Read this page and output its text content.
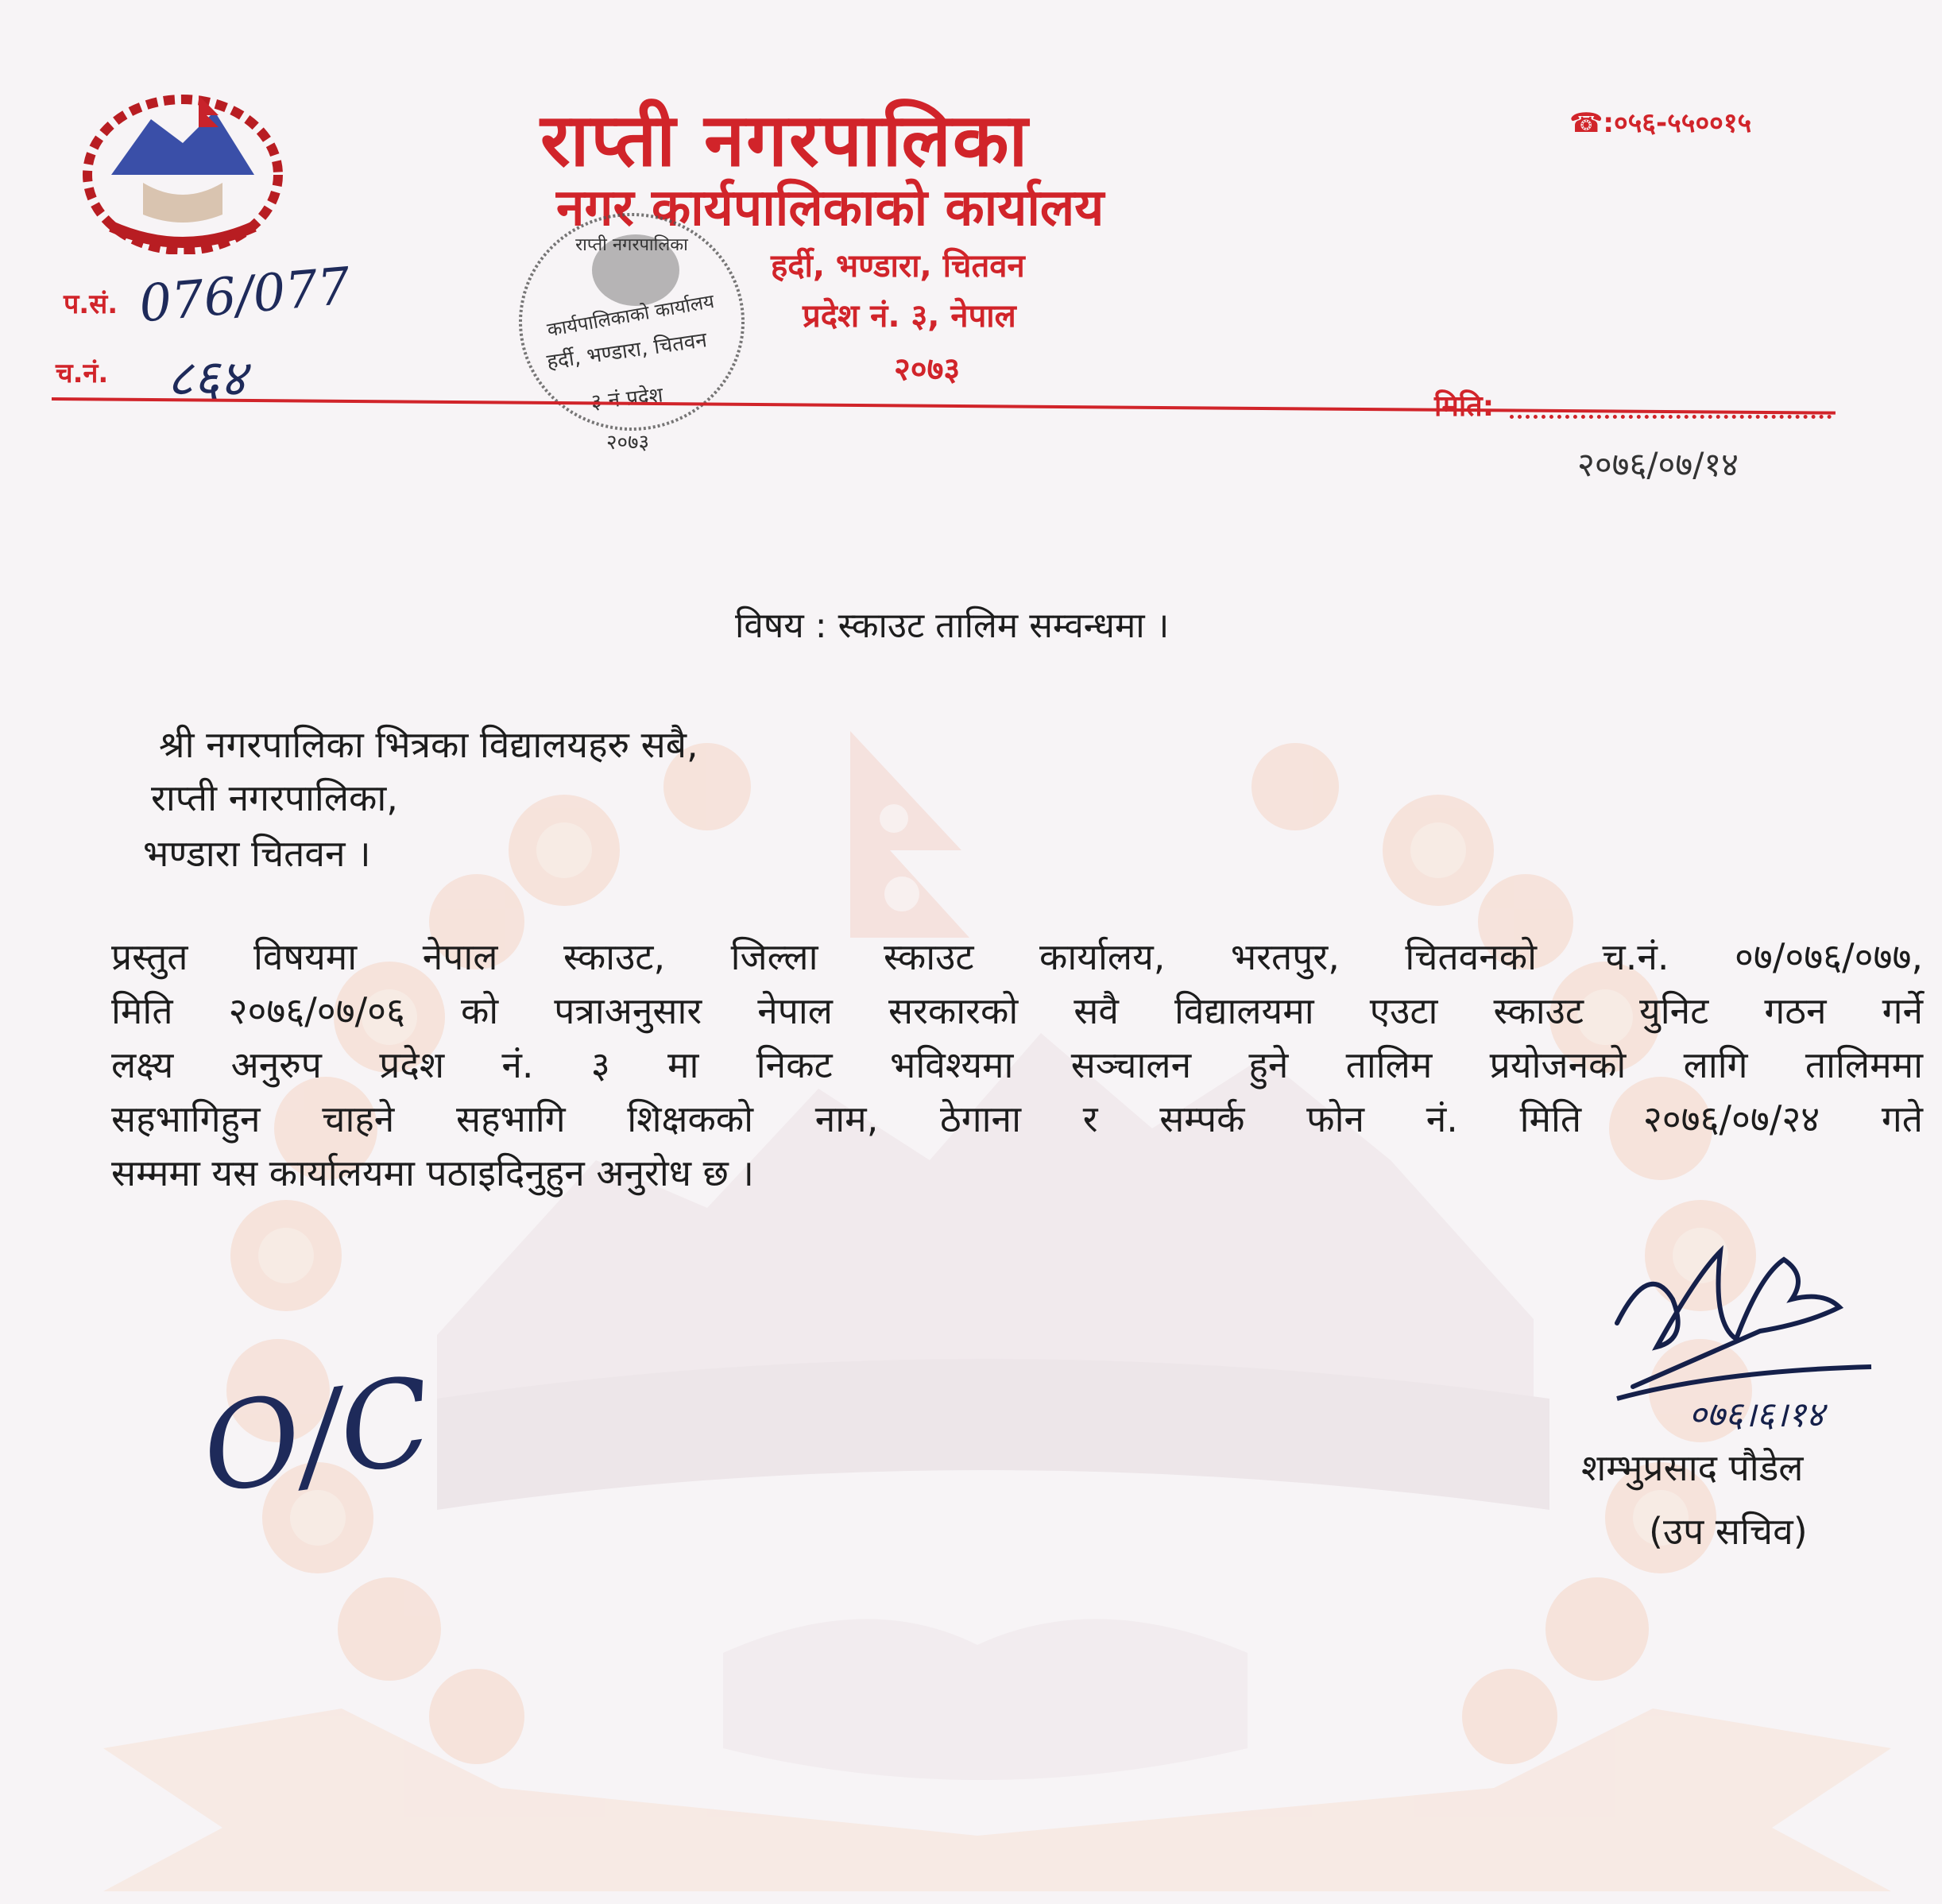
राप्ती नगरपालिका
नगर कार्यपालिकाको कार्यालय
हर्दी, भण्डारा, चितवन
प्रदेश नं. ३, नेपाल
२०७३
☎:०५६-५५००१५
राप्ती नगरपालिका
कार्यपालिकाको कार्यालय
हर्दी, भण्डारा, चितवन
३ नं प्रदेश
२०७३
प.सं. 076/077
च.नं. ८६४	मिति:
२०७६/०७/१४
विषय : स्काउट तालिम सम्वन्धमा ।
श्री नगरपालिका भित्रका विद्यालयहरु सबै,
राप्ती नगरपालिका,
भण्डारा चितवन ।
प्रस्तुत विषयमा नेपाल स्काउट, जिल्ला स्काउट कार्यालय, भरतपुर, चितवनको च.नं. ०७/०७६/०७७,
मिति २०७६/०७/०६ को पत्राअनुसार नेपाल सरकारको सवै विद्यालयमा एउटा स्काउट युनिट गठन गर्ने
लक्ष्य अनुरुप प्रदेश नं. ३ मा निकट भविश्यमा सञ्चालन हुने तालिम प्रयोजनको लागि तालिममा
सहभागिहुन चाहने सहभागि शिक्षकको नाम, ठेगाना र सम्पर्क फोन नं. मिति २०७६/०७/२४ गते
सम्ममा यस कार्यालयमा पठाइदिनुहुन अनुरोध छ ।
O/C	०७६।६।१४
शम्भुप्रसाद पौडेल
(उप सचिव)
